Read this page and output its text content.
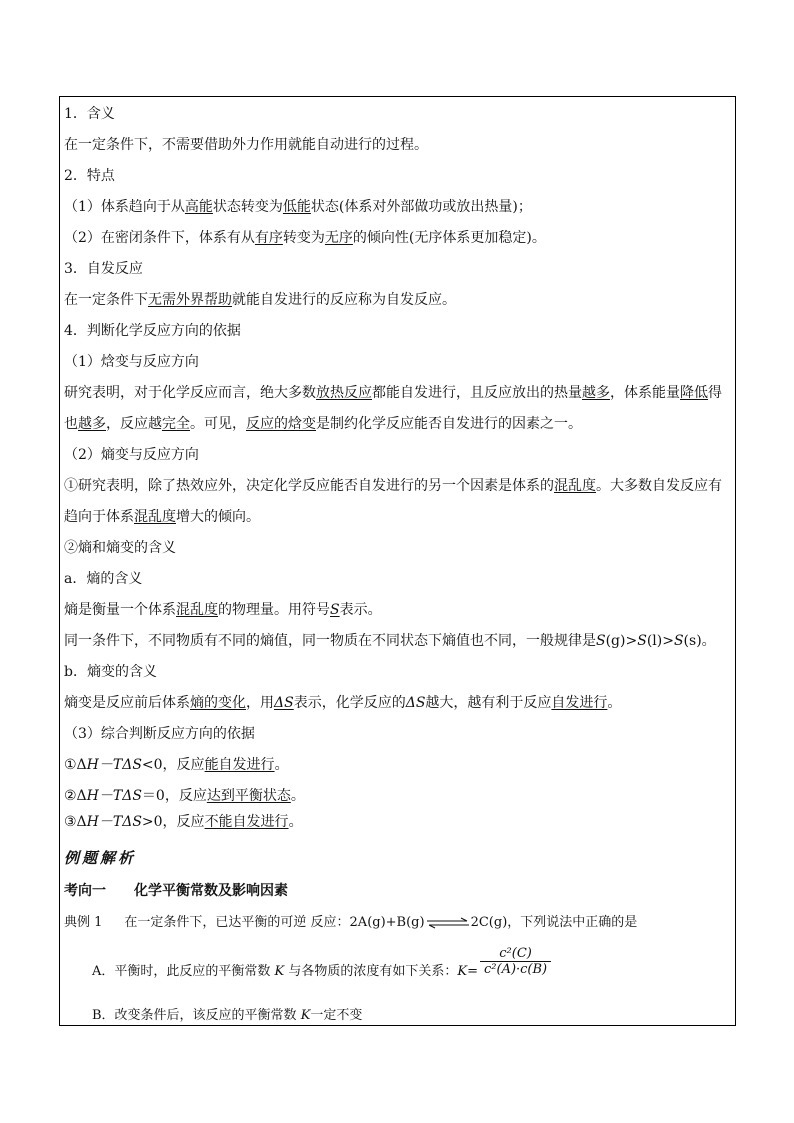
1．含义
在一定条件下，不需要借助外力作用就能自动进行的过程。
2．特点
（1）体系趋向于从高能状态转变为低能状态(体系对外部做功或放出热量)；
（2）在密闭条件下，体系有从有序转变为无序的倾向性(无序体系更加稳定)。
3．自发反应
在一定条件下无需外界帮助就能自发进行的反应称为自发反应。
4．判断化学反应方向的依据
（1）焓变与反应方向
研究表明，对于化学反应而言，绝大多数放热反应都能自发进行，且反应放出的热量越多，体系能量降低得
也越多，反应越完全。可见，反应的焓变是制约化学反应能否自发进行的因素之一。
（2）熵变与反应方向
①研究表明，除了热效应外，决定化学反应能否自发进行的另一个因素是体系的混乱度。大多数自发反应有
趋向于体系混乱度增大的倾向。
②熵和熵变的含义
a．熵的含义
熵是衡量一个体系混乱度的物理量。用符号S表示。
同一条件下，不同物质有不同的熵值，同一物质在不同状态下熵值也不同，一般规律是S(g)>S(l)>S(s)。
b．熵变的含义
熵变是反应前后体系熵的变化，用ΔS表示，化学反应的ΔS越大，越有利于反应自发进行。
（3）综合判断反应方向的依据
①ΔH－TΔS<0，反应能自发进行。
②ΔH－TΔS＝0，反应达到平衡状态。
③ΔH－TΔS>0，反应不能自发进行。
例题解析
考向一　　化学平衡常数及影响因素
典例 1 在一定条件下，已达平衡的可逆 反应：2A(g)+B(g)⇌2C(g)，下列说法中正确的是
A．平衡时，此反应的平衡常数 K 与各物质的浓度有如下关系：K=
c²(C)
c²(A)·c(B)
B．改变条件后，该反应的平衡常数 K一定不变
